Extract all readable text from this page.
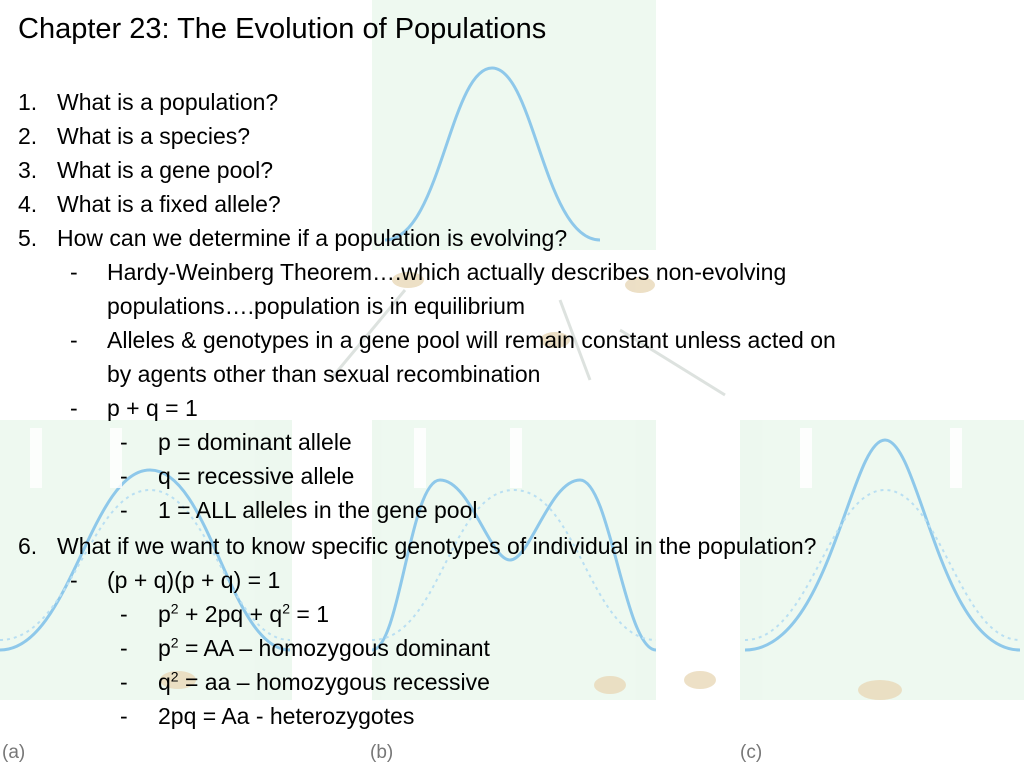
Chapter 23: The Evolution of Populations
1. What is a population?
2. What is a species?
3. What is a gene pool?
4. What is a fixed allele?
5. How can we determine if a population is evolving?
- Hardy-Weinberg Theorem….which actually describes non-evolving
populations….population is in equilibrium
- Alleles & genotypes in a gene pool will remain constant unless acted on
by agents other than sexual recombination
- p + q = 1
- p = dominant allele
- q = recessive allele
- 1 = ALL alleles in the gene pool
6. What if we want to know specific genotypes of individual in the population?
- (p + q)(p + q) = 1
- $p^2 + 2pq + q^2 = 1$
- $p^2$ = AA – homozygous dominant
- $q^2$ = aa – homozygous recessive
- 2pq = Aa - heterozygotes
(a)	(b)	(c)
